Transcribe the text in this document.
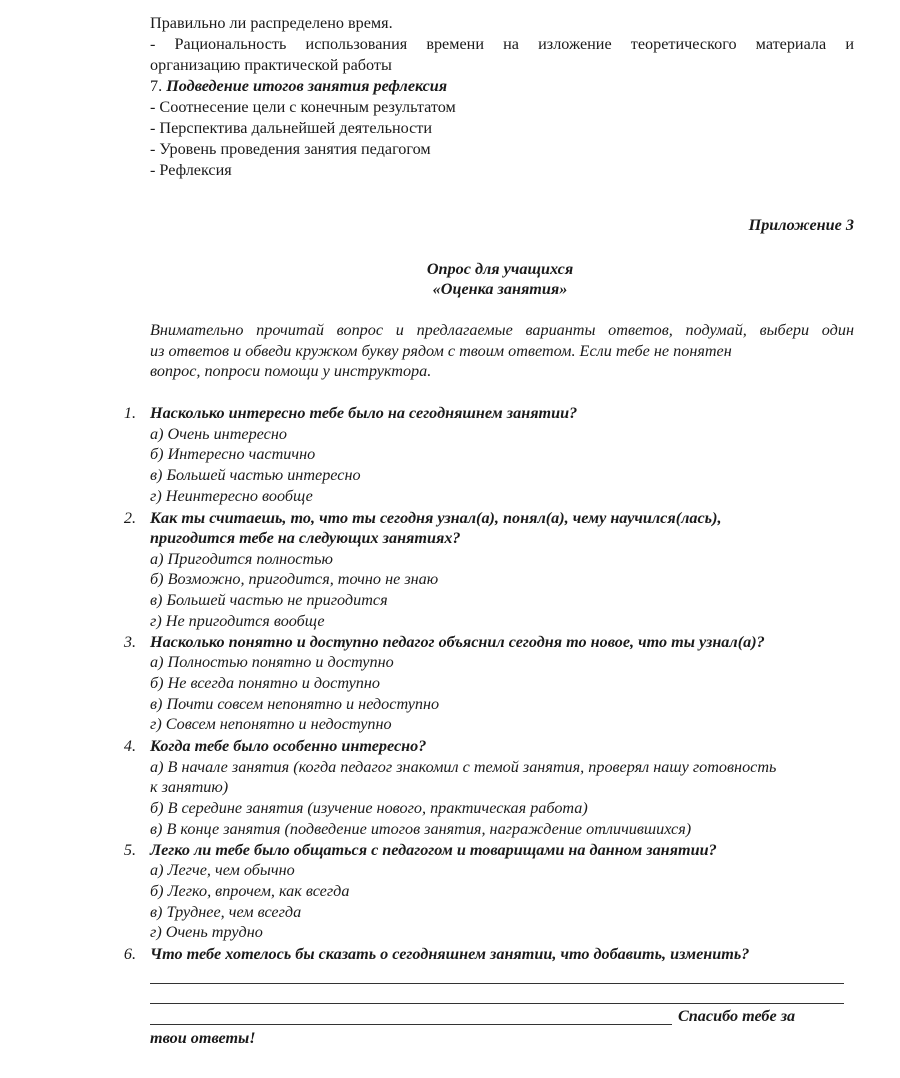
Правильно ли распределено время.
- Рациональность использования времени на изложение теоретического материала и
организацию практической работы
7. Подведение итогов занятия рефлексия
- Соотнесение цели с конечным результатом
- Перспектива дальнейшей деятельности
- Уровень проведения занятия педагогом
- Рефлексия
Приложение 3
Опрос для учащихся
«Оценка занятия»
Внимательно прочитай вопрос и предлагаемые варианты ответов, подумай, выбери один
из ответов и обведи кружком букву рядом с твоим ответом. Если тебе не понятен
вопрос, попроси помощи у инструктора.
1. Насколько интересно тебе было на сегодняшнем занятии?
а) Очень интересно
б) Интересно частично
в) Большей частью интересно
г) Неинтересно вообще
2. Как ты считаешь, то, что ты сегодня узнал(а), понял(а), чему научился(лась),
пригодится тебе на следующих занятиях?
а) Пригодится полностью
б) Возможно, пригодится, точно не знаю
в) Большей частью не пригодится
г) Не пригодится вообще
3. Насколько понятно и доступно педагог объяснил сегодня то новое, что ты узнал(а)?
а) Полностью понятно и доступно
б) Не всегда понятно и доступно
в) Почти совсем непонятно и недоступно
г) Совсем непонятно и недоступно
4. Когда тебе было особенно интересно?
а) В начале занятия (когда педагог знакомил с темой занятия, проверял нашу готовность
к занятию)
б) В середине занятия (изучение нового, практическая работа)
в) В конце занятия (подведение итогов занятия, награждение отличившихся)
5. Легко ли тебе было общаться с педагогом и товарищами на данном занятии?
а) Легче, чем обычно
б) Легко, впрочем, как всегда
в) Труднее, чем всегда
г) Очень трудно
6. Что тебе хотелось бы сказать о сегодняшнем занятии, что добавить, изменить?
Спасибо тебе за
твои ответы!
